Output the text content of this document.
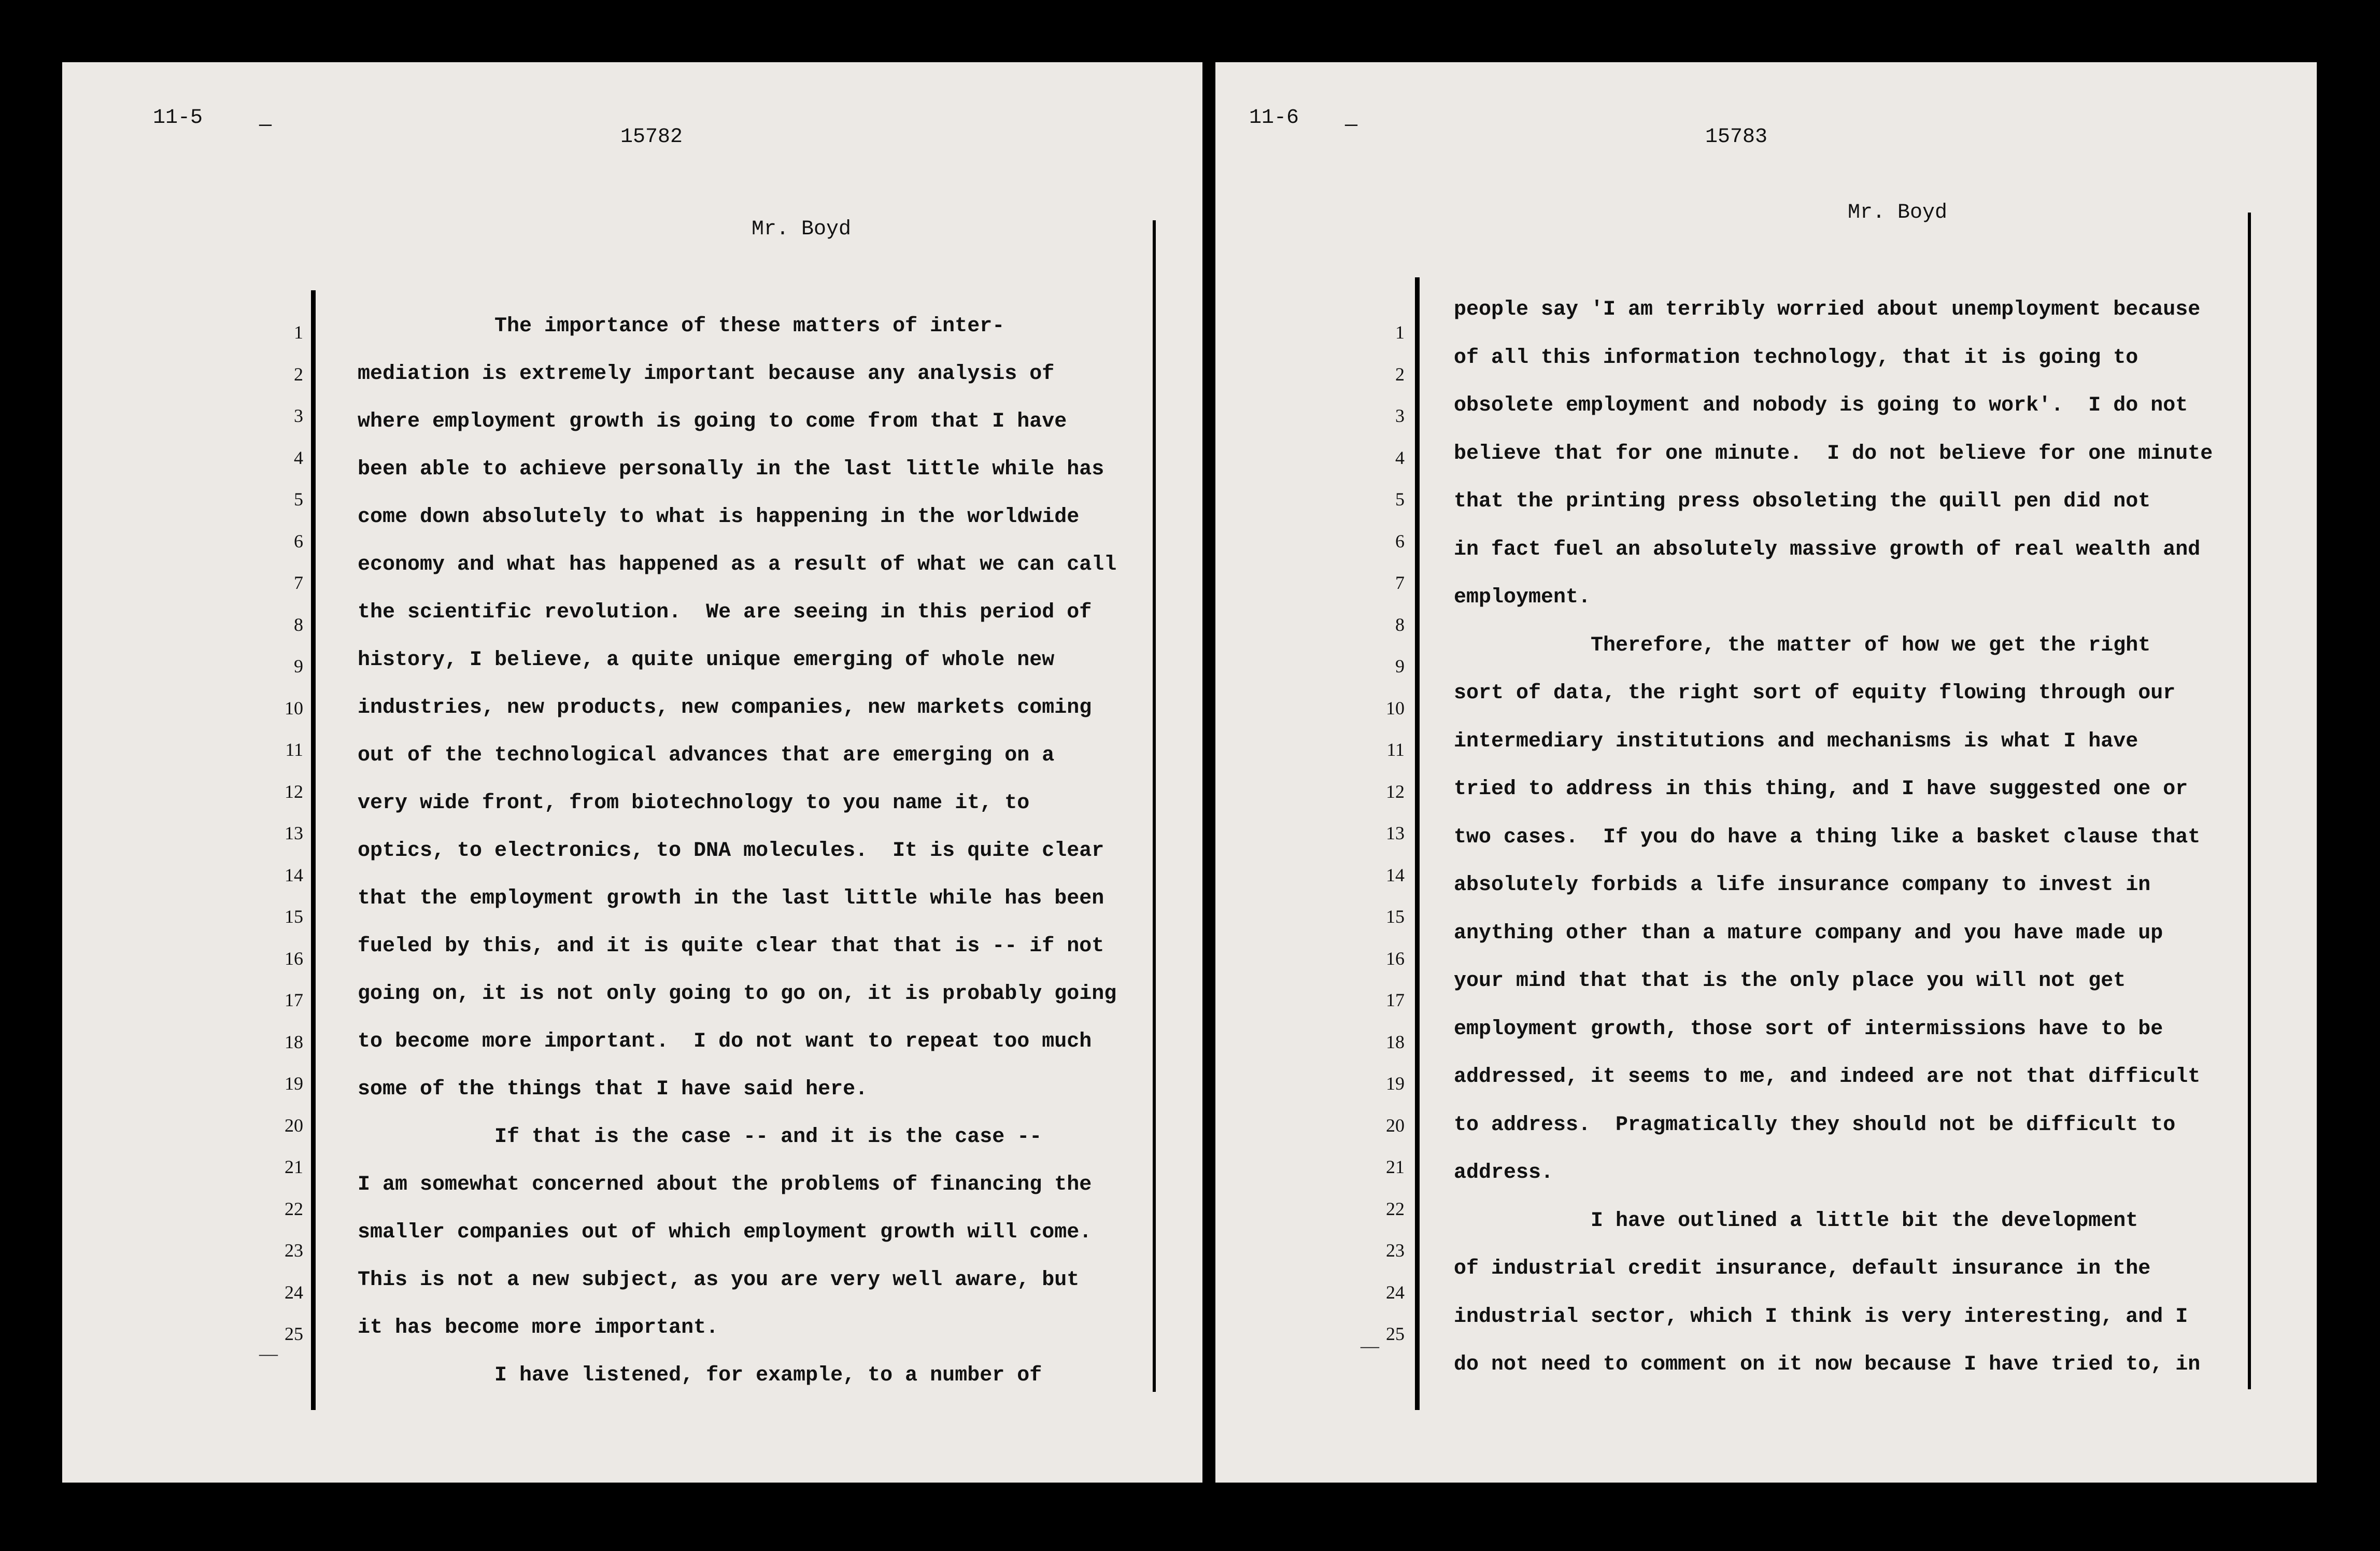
11-5	—	15782
Mr. Boyd
1
2
3
4
5
6
7
8
9
10
11
12
13
14
15
16
17
18
19
20
21
22
23
24
25
The importance of these matters of inter-
mediation is extremely important because any analysis of
where employment growth is going to come from that I have
been able to achieve personally in the last little while has
come down absolutely to what is happening in the worldwide
economy and what has happened as a result of what we can call
the scientific revolution.  We are seeing in this period of
history, I believe, a quite unique emerging of whole new
industries, new products, new companies, new markets coming
out of the technological advances that are emerging on a
very wide front, from biotechnology to you name it, to
optics, to electronics, to DNA molecules.  It is quite clear
that the employment growth in the last little while has been
fueled by this, and it is quite clear that that is -- if not
going on, it is not only going to go on, it is probably going
to become more important.  I do not want to repeat too much
some of the things that I have said here.
If that is the case -- and it is the case --
I am somewhat concerned about the problems of financing the
smaller companies out of which employment growth will come.
This is not a new subject, as you are very well aware, but
it has become more important.
I have listened, for example, to a number of
—
11-6 —	15783
Mr. Boyd
1
2
3
4
5
6
7
8
9
10
11
12
13
14
15
16
17
18
19
20
21
22
23
24
25
people say 'I am terribly worried about unemployment because
of all this information technology, that it is going to
obsolete employment and nobody is going to work'.  I do not
believe that for one minute.  I do not believe for one minute
that the printing press obsoleting the quill pen did not
in fact fuel an absolutely massive growth of real wealth and
employment.
Therefore, the matter of how we get the right
sort of data, the right sort of equity flowing through our
intermediary institutions and mechanisms is what I have
tried to address in this thing, and I have suggested one or
two cases.  If you do have a thing like a basket clause that
absolutely forbids a life insurance company to invest in
anything other than a mature company and you have made up
your mind that that is the only place you will not get
employment growth, those sort of intermissions have to be
addressed, it seems to me, and indeed are not that difficult
to address.  Pragmatically they should not be difficult to
address.
I have outlined a little bit the development
of industrial credit insurance, default insurance in the
industrial sector, which I think is very interesting, and I
do not need to comment on it now because I have tried to, in
—
